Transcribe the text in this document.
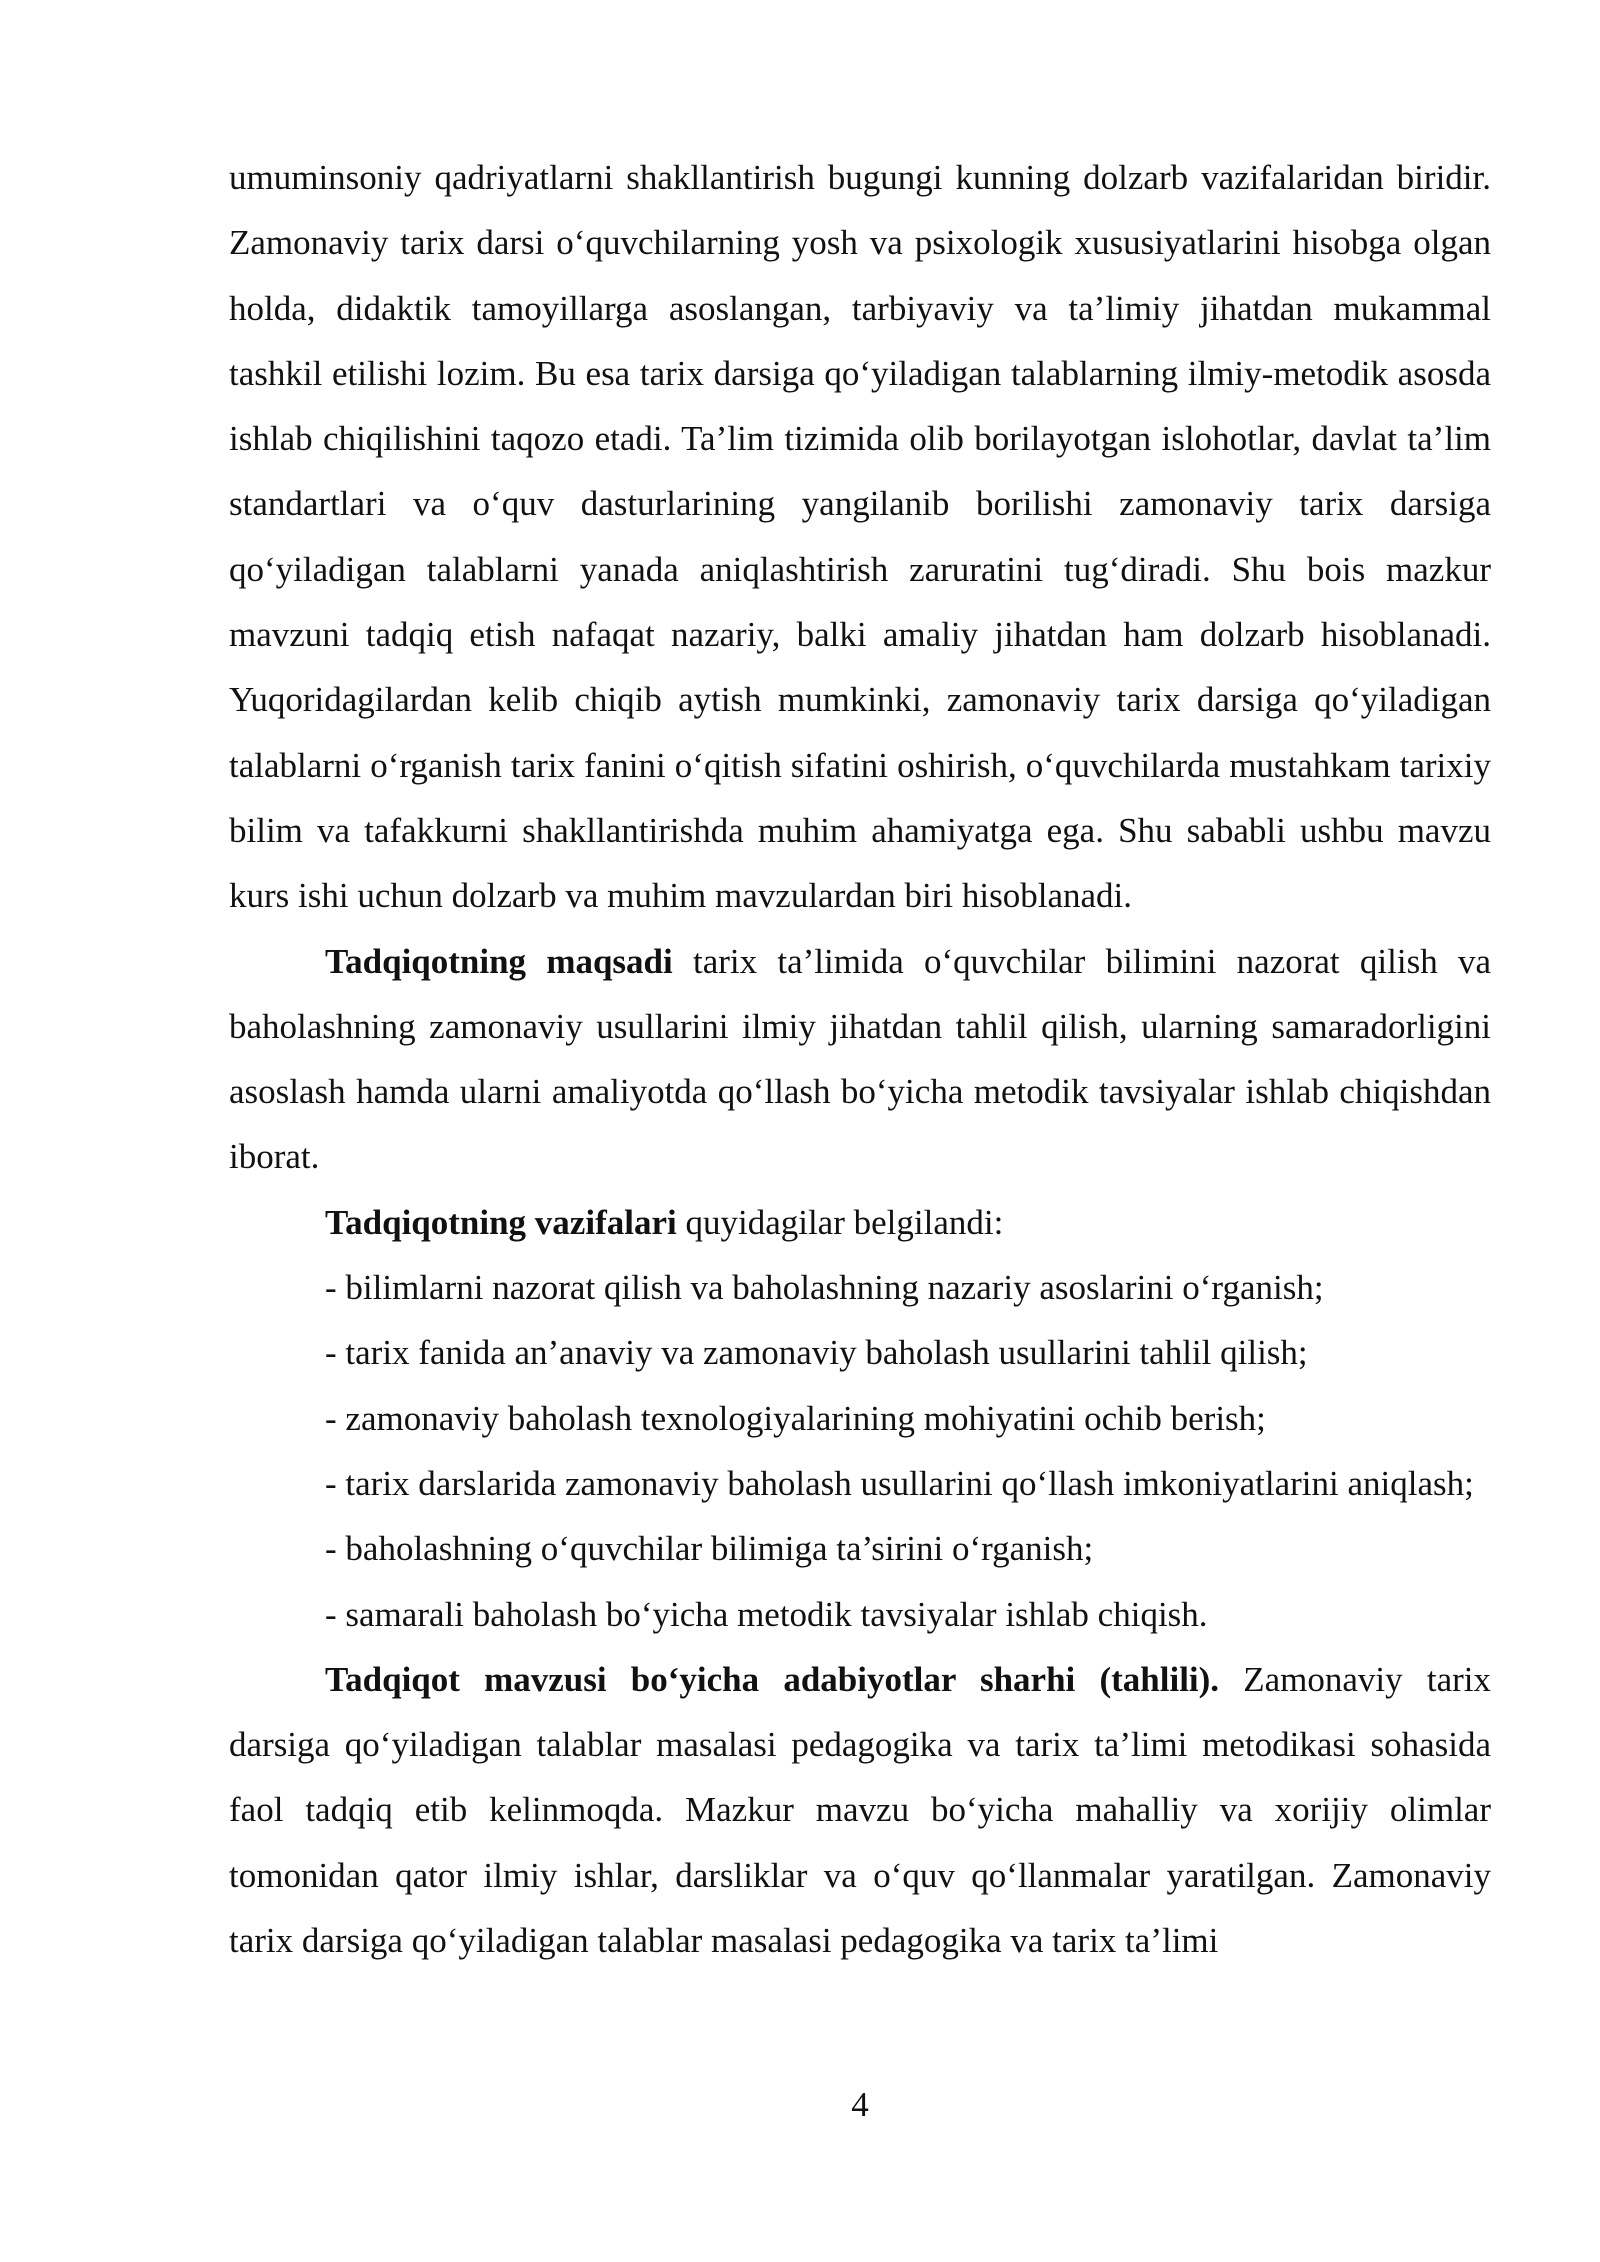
umuminsoniy qadriyatlarni shakllantirish bugungi kunning dolzarb vazifalaridan biridir. Zamonaviy tarix darsi o‘quvchilarning yosh va psixologik xususiyatlarini hisobga olgan holda, didaktik tamoyillarga asoslangan, tarbiyaviy va ta’limiy jihatdan mukammal tashkil etilishi lozim. Bu esa tarix darsiga qo‘yiladigan talablarning ilmiy-metodik asosda ishlab chiqilishini taqozo etadi. Ta’lim tizimida olib borilayotgan islohotlar, davlat ta’lim standartlari va o‘quv dasturlarining yangilanib borilishi zamonaviy tarix darsiga qo‘yiladigan talablarni yanada aniqlashtirish zaruratini tug‘diradi. Shu bois mazkur mavzuni tadqiq etish nafaqat nazariy, balki amaliy jihatdan ham dolzarb hisoblanadi. Yuqoridagilardan kelib chiqib aytish mumkinki, zamonaviy tarix darsiga qo‘yiladigan talablarni o‘rganish tarix fanini o‘qitish sifatini oshirish, o‘quvchilarda mustahkam tarixiy bilim va tafakkurni shakllantirishda muhim ahamiyatga ega. Shu sababli ushbu mavzu kurs ishi uchun dolzarb va muhim mavzulardan biri hisoblanadi.

Tadqiqotning maqsadi tarix ta’limida o‘quvchilar bilimini nazorat qilish va baholashning zamonaviy usullarini ilmiy jihatdan tahlil qilish, ularning samaradorligini asoslash hamda ularni amaliyotda qo‘llash bo‘yicha metodik tavsiyalar ishlab chiqishdan iborat.

Tadqiqotning vazifalari quyidagilar belgilandi:

- bilimlarni nazorat qilish va baholashning nazariy asoslarini o‘rganish;

- tarix fanida an’anaviy va zamonaviy baholash usullarini tahlil qilish;

- zamonaviy baholash texnologiyalarining mohiyatini ochib berish;

- tarix darslarida zamonaviy baholash usullarini qo‘llash imkoniyatlarini aniqlash;

- baholashning o‘quvchilar bilimiga ta’sirini o‘rganish;

- samarali baholash bo‘yicha metodik tavsiyalar ishlab chiqish.

Tadqiqot mavzusi bo‘yicha adabiyotlar sharhi (tahlili). Zamonaviy tarix darsiga qo‘yiladigan talablar masalasi pedagogika va tarix ta’limi metodikasi sohasida faol tadqiq etib kelinmoqda. Mazkur mavzu bo‘yicha mahalliy va xorijiy olimlar tomonidan qator ilmiy ishlar, darsliklar va o‘quv qo‘llanmalar yaratilgan. Zamonaviy tarix darsiga qo‘yiladigan talablar masalasi pedagogika va tarix ta’limi

4
